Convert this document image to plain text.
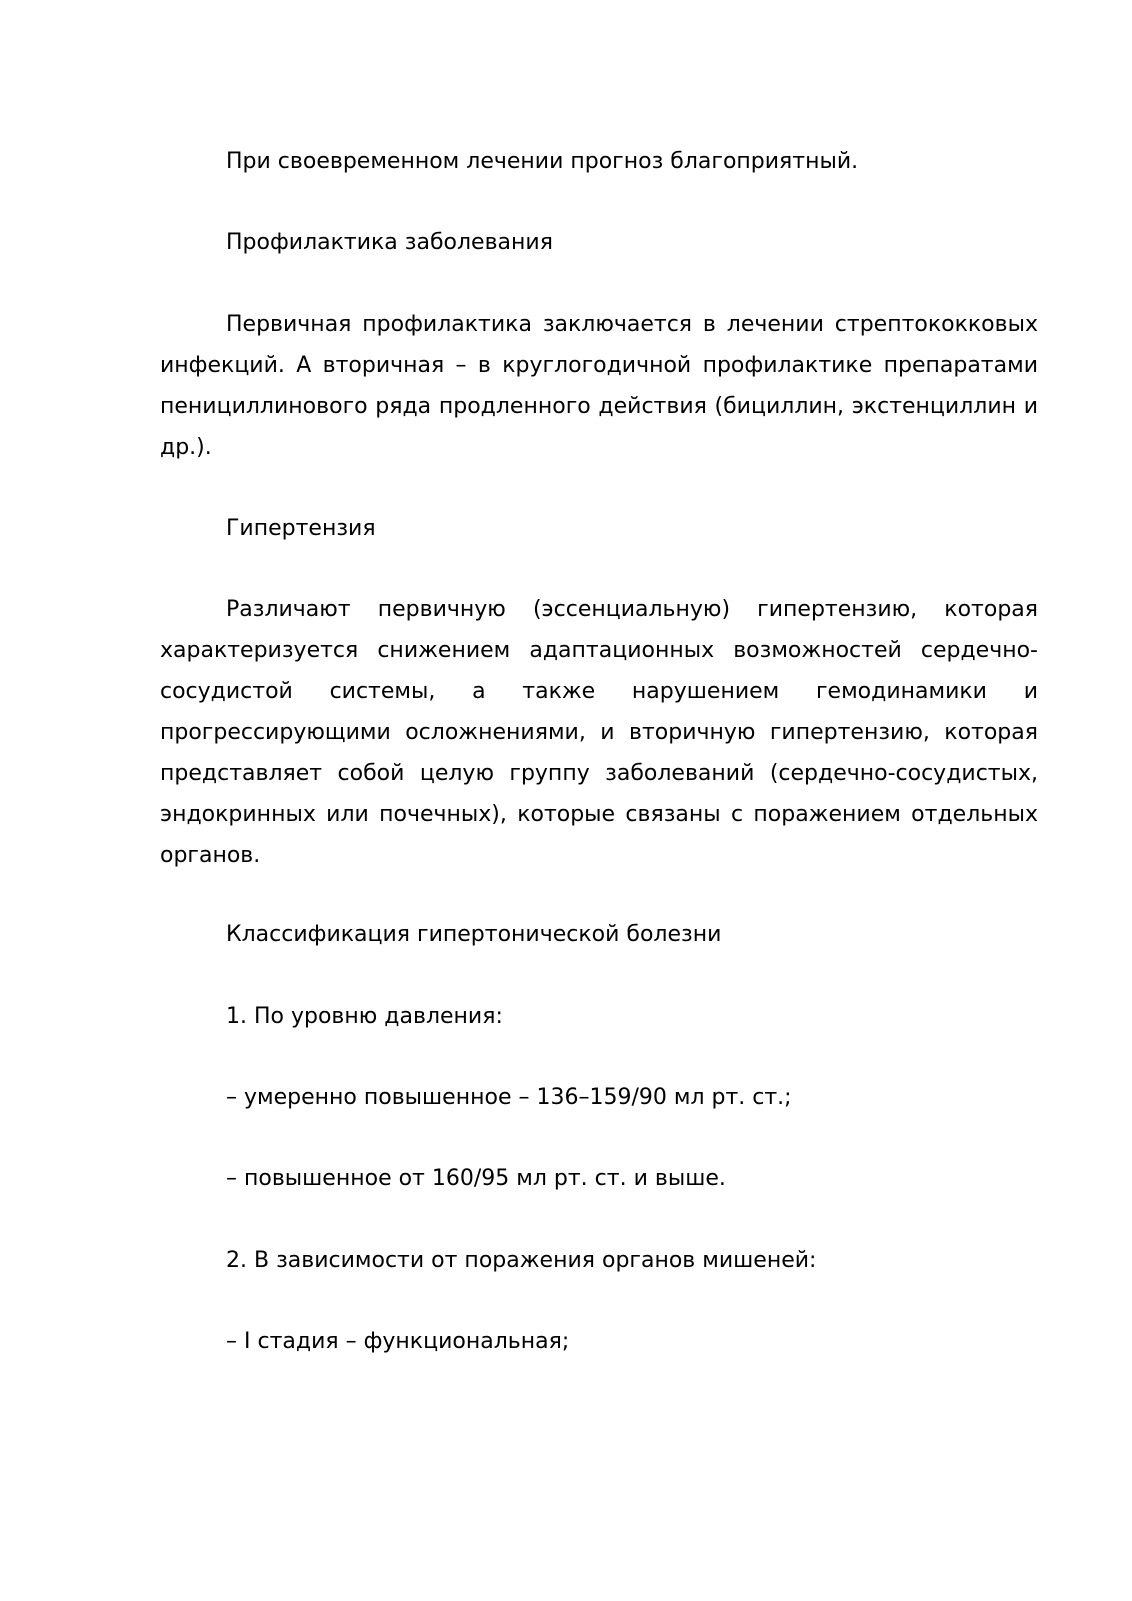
При своевременном лечении прогноз благоприятный.

Профилактика заболевания

Первичная профилактика заключается в лечении стрептококковых инфекций. А вторичная – в круглогодичной профилактике препаратами пенициллинового ряда продленного действия (бициллин, экстенциллин и др.).

Гипертензия

Различают первичную (эссенциальную) гипертензию, которая характеризуется снижением адаптационных возможностей сердечно-сосудистой системы, а также нарушением гемодинамики и прогрессирующими осложнениями, и вторичную гипертензию, которая представляет собой целую группу заболеваний (сердечно-сосудистых, эндокринных или почечных), которые связаны с поражением отдельных органов.

Классификация гипертонической болезни

1. По уровню давления:

– умеренно повышенное – 136–159/90 мл рт. ст.;

– повышенное от 160/95 мл рт. ст. и выше.

2. В зависимости от поражения органов мишеней:

– I стадия – функциональная;
